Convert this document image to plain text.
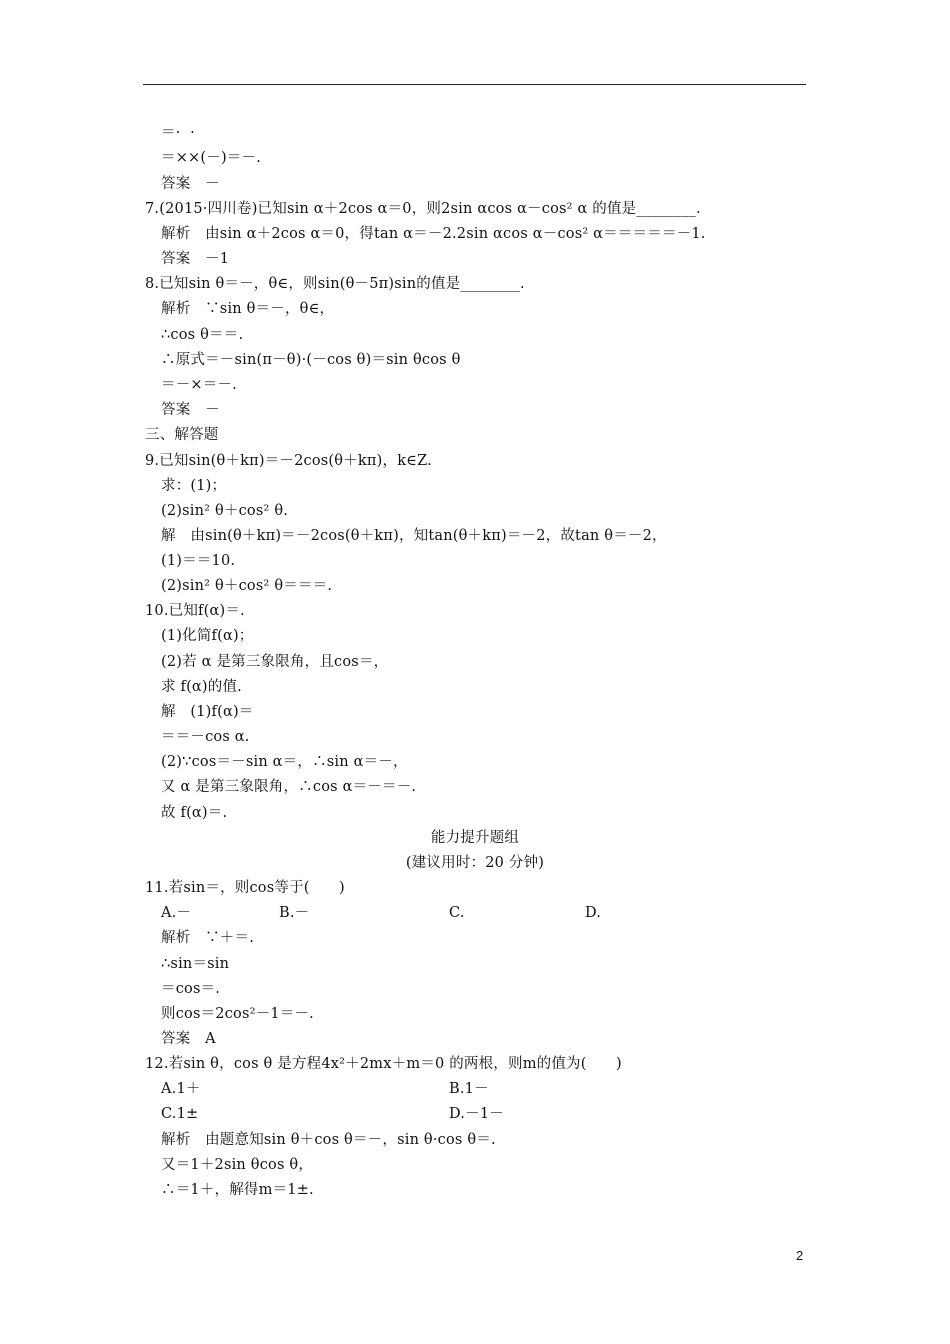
＝·  ·
＝××(－)＝－.
答案　－
7.(2015·四川卷)已知sin α＋2cos α＝0，则2sin αcos α－cos² α 的值是________.
解析　由sin α＋2cos α＝0，得tan α＝－2.2sin αcos α－cos² α＝＝＝＝＝－1.
答案　－1
8.已知sin θ＝－，θ∈，则sin(θ－5π)sin的值是________.
解析　∵sin θ＝－，θ∈，
∴cos θ＝＝.
∴原式＝－sin(π－θ)·(－cos θ)＝sin θcos θ
＝－×＝－.
答案　－
三、解答题
9.已知sin(θ＋kπ)＝－2cos(θ＋kπ)，k∈Z.
求：(1)；
(2)sin² θ＋cos² θ.
解　由sin(θ＋kπ)＝－2cos(θ＋kπ)，知tan(θ＋kπ)＝－2，故tan θ＝－2，
(1)＝＝10.
(2)sin² θ＋cos² θ＝＝＝.
10.已知f(α)＝.
(1)化简f(α)；
(2)若 α 是第三象限角，且cos＝，
求 f(α)的值.
解　(1)f(α)＝
＝＝－cos α.
(2)∵cos＝－sin α＝，∴sin α＝－，
又 α 是第三象限角，∴cos α＝－＝－.
故 f(α)＝.
能力提升题组
(建议用时：20 分钟)
11.若sin＝，则cos等于(　　)
A.－	B.－	C.	D.
解析　∵＋＝.
∴sin＝sin
＝cos＝.
则cos＝2cos²－1＝－.
答案　A
12.若sin θ，cos θ 是方程4x²＋2mx＋m＝0 的两根，则m的值为(　　)
A.1＋	B.1－
C.1±	D.－1－
解析　由题意知sin θ＋cos θ＝－，sin θ·cos θ＝.
又＝1＋2sin θcos θ，
∴＝1＋，解得m＝1±.
2
